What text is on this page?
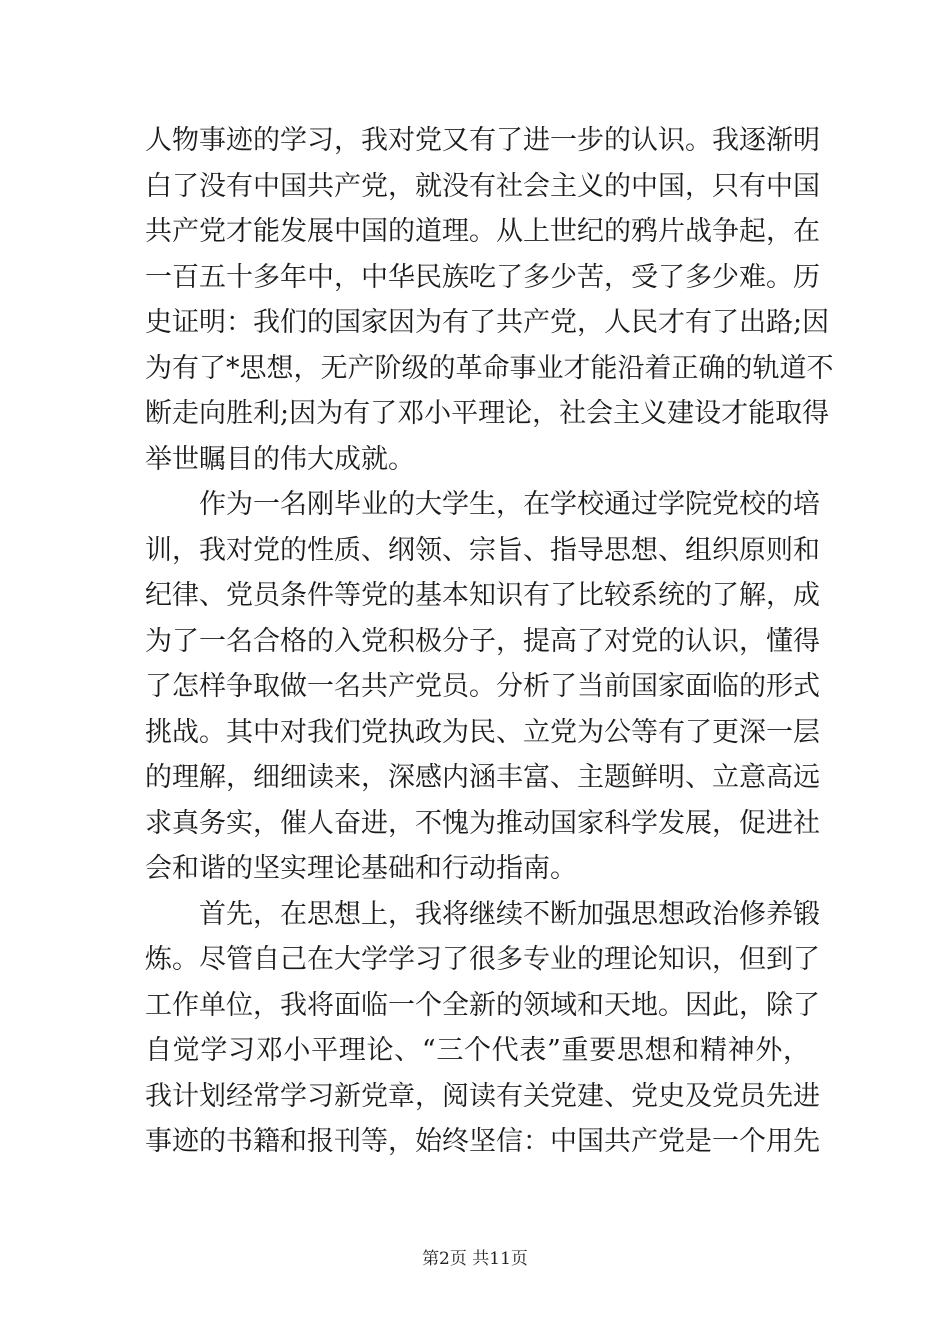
人物事迹的学习，我对党又有了进一步的认识。我逐渐明
白了没有中国共产党，就没有社会主义的中国，只有中国
共产党才能发展中国的道理。从上世纪的鸦片战争起，在
一百五十多年中，中华民族吃了多少苦，受了多少难。历
史证明：我们的国家因为有了共产党，人民才有了出路;因
为有了*思想，无产阶级的革命事业才能沿着正确的轨道不
断走向胜利;因为有了邓小平理论，社会主义建设才能取得
举世瞩目的伟大成就。
作为一名刚毕业的大学生，在学校通过学院党校的培
训，我对党的性质、纲领、宗旨、指导思想、组织原则和
纪律、党员条件等党的基本知识有了比较系统的了解，成
为了一名合格的入党积极分子，提高了对党的认识，懂得
了怎样争取做一名共产党员。分析了当前国家面临的形式
挑战。其中对我们党执政为民、立党为公等有了更深一层
的理解，细细读来，深感内涵丰富、主题鲜明、立意高远
求真务实，催人奋进，不愧为推动国家科学发展，促进社
会和谐的坚实理论基础和行动指南。
首先，在思想上，我将继续不断加强思想政治修养锻
炼。尽管自己在大学学习了很多专业的理论知识，但到了
工作单位，我将面临一个全新的领域和天地。因此，除了
自觉学习邓小平理论、“三个代表”重要思想和精神外，
我计划经常学习新党章，阅读有关党建、党史及党员先进
事迹的书籍和报刊等，始终坚信：中国共产党是一个用先
第2页 共11页
